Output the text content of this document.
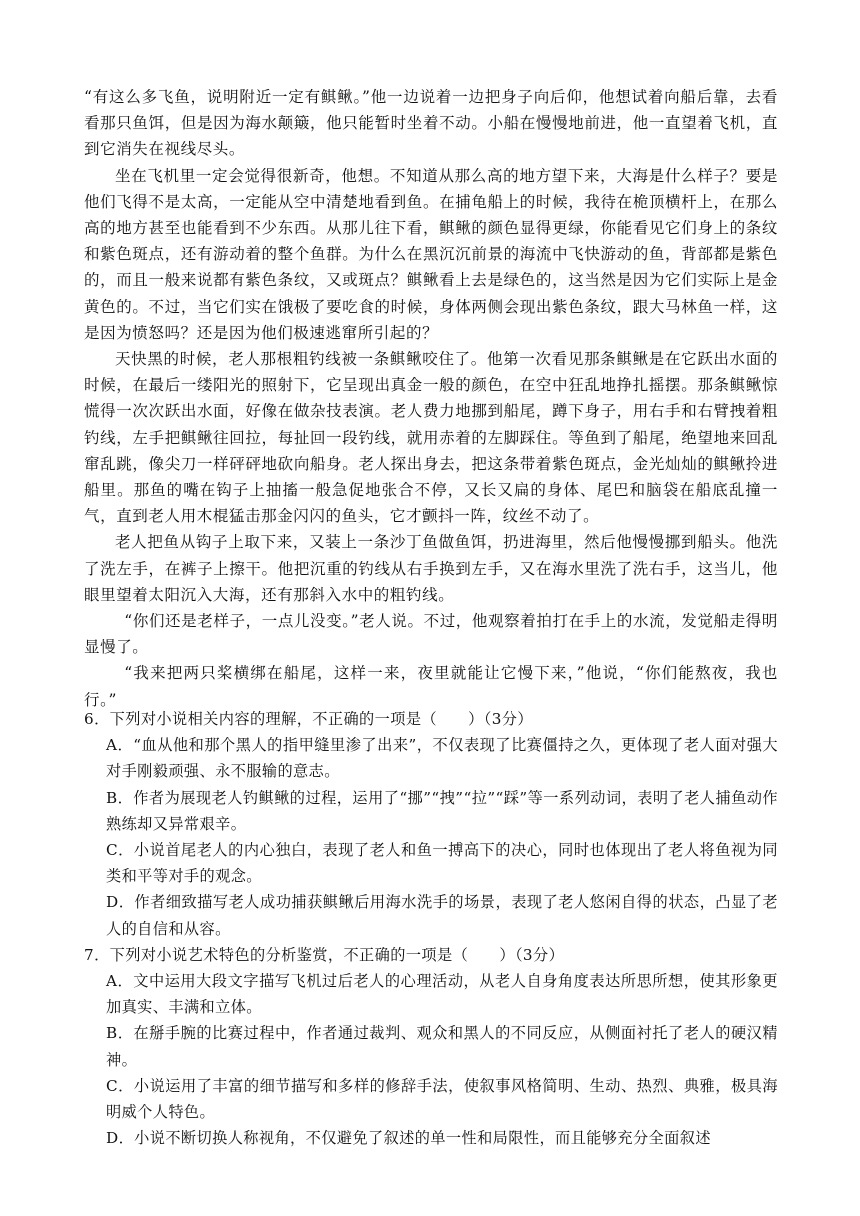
“有这么多飞鱼，说明附近一定有鲯鳅。”他一边说着一边把身子向后仰，他想试着向船后靠，去看看那只鱼饵，但是因为海水颠簸，他只能暂时坐着不动。小船在慢慢地前进，他一直望着飞机，直到它消失在视线尽头。

坐在飞机里一定会觉得很新奇，他想。不知道从那么高的地方望下来，大海是什么样子？要是他们飞得不是太高，一定能从空中清楚地看到鱼。在捕龟船上的时候，我待在桅顶横杆上，在那么高的地方甚至也能看到不少东西。从那儿往下看，鲯鳅的颜色显得更绿，你能看见它们身上的条纹和紫色斑点，还有游动着的整个鱼群。为什么在黑沉沉前景的海流中飞快游动的鱼，背部都是紫色的，而且一般来说都有紫色条纹，又或斑点？鲯鳅看上去是绿色的，这当然是因为它们实际上是金黄色的。不过，当它们实在饿极了要吃食的时候，身体两侧会现出紫色条纹，跟大马林鱼一样，这是因为愤怒吗？还是因为他们极速逃窜所引起的？

天快黑的时候，老人那根粗钓线被一条鲯鳅咬住了。他第一次看见那条鲯鳅是在它跃出水面的时候，在最后一缕阳光的照射下，它呈现出真金一般的颜色，在空中狂乱地挣扎摇摆。那条鲯鳅惊慌得一次次跃出水面，好像在做杂技表演。老人费力地挪到船尾，蹲下身子，用右手和右臂拽着粗钓线，左手把鲯鳅往回拉，每扯回一段钓线，就用赤着的左脚踩住。等鱼到了船尾，绝望地来回乱窜乱跳，像尖刀一样砰砰地砍向船身。老人探出身去，把这条带着紫色斑点，金光灿灿的鲯鳅拎进船里。那鱼的嘴在钩子上抽搐一般急促地张合不停，又长又扁的身体、尾巴和脑袋在船底乱撞一气，直到老人用木棍猛击那金闪闪的鱼头，它才颤抖一阵，纹丝不动了。

老人把鱼从钩子上取下来，又装上一条沙丁鱼做鱼饵，扔进海里，然后他慢慢挪到船头。他洗了洗左手，在裤子上擦干。他把沉重的钓线从右手换到左手，又在海水里洗了洗右手，这当儿，他眼里望着太阳沉入大海，还有那斜入水中的粗钓线。

“你们还是老样子，一点儿没变。”老人说。不过，他观察着拍打在手上的水流，发觉船走得明显慢了。

“我来把两只桨横绑在船尾，这样一来，夜里就能让它慢下来，”他说，“你们能熬夜，我也行。”

6．下列对小说相关内容的理解，不正确的一项是（　　）（3分）

A．“血从他和那个黑人的指甲缝里渗了出来”，不仅表现了比赛僵持之久，更体现了老人面对强大对手刚毅顽强、永不服输的意志。

B．作者为展现老人钓鲯鳅的过程，运用了“挪”“拽”“拉”“踩”等一系列动词，表明了老人捕鱼动作熟练却又异常艰辛。

C．小说首尾老人的内心独白，表现了老人和鱼一搏高下的决心，同时也体现出了老人将鱼视为同类和平等对手的观念。

D．作者细致描写老人成功捕获鲯鳅后用海水洗手的场景，表现了老人悠闲自得的状态，凸显了老人的自信和从容。

7．下列对小说艺术特色的分析鉴赏，不正确的一项是（　　）（3分）

A．文中运用大段文字描写飞机过后老人的心理活动，从老人自身角度表达所思所想，使其形象更加真实、丰满和立体。

B．在掰手腕的比赛过程中，作者通过裁判、观众和黑人的不同反应，从侧面衬托了老人的硬汉精神。

C．小说运用了丰富的细节描写和多样的修辞手法，使叙事风格简明、生动、热烈、典雅，极具海明威个人特色。

D．小说不断切换人称视角，不仅避免了叙述的单一性和局限性，而且能够充分全面叙述
